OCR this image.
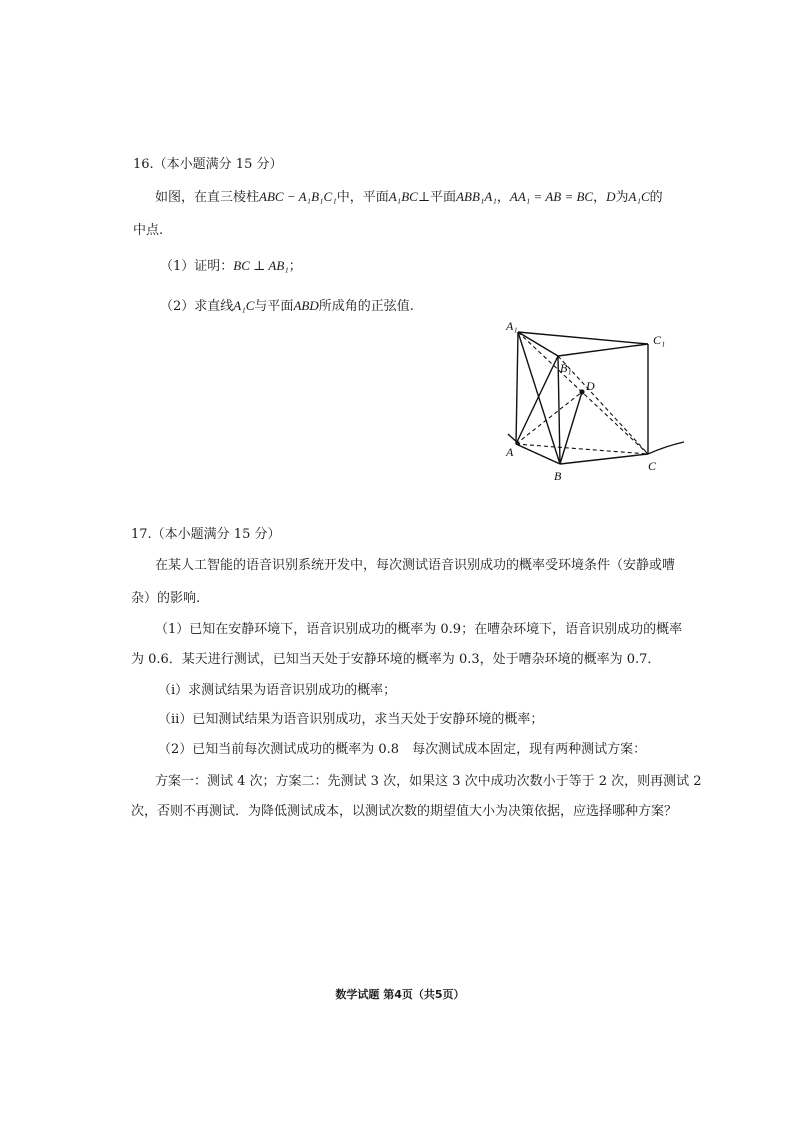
16.（本小题满分 15 分）
如图，在直三棱柱ABC − A₁B₁C₁中，平面A₁BC⊥平面ABB₁A₁，AA₁ = AB = BC，D为A₁C的
中点.
（1）证明：BC ⊥ AB₁；
（2）求直线A₁C与平面ABD所成角的正弦值.
A₁
B₁
C₁
D
A
B
C
17.（本小题满分 15 分）
在某人工智能的语音识别系统开发中，每次测试语音识别成功的概率受环境条件（安静或嘈
杂）的影响.
（1）已知在安静环境下，语音识别成功的概率为 0.9；在嘈杂环境下，语音识别成功的概率
为 0.6．某天进行测试，已知当天处于安静环境的概率为 0.3，处于嘈杂环境的概率为 0.7．
（i）求测试结果为语音识别成功的概率；
（ii）已知测试结果为语音识别成功，求当天处于安静环境的概率；
（2）已知当前每次测试成功的概率为 0.8　每次测试成本固定，现有两种测试方案：
方案一：测试 4 次；方案二：先测试 3 次，如果这 3 次中成功次数小于等于 2 次，则再测试 2
次，否则不再测试．为降低测试成本，以测试次数的期望值大小为决策依据，应选择哪种方案？
数学试题 第4页（共5页）
